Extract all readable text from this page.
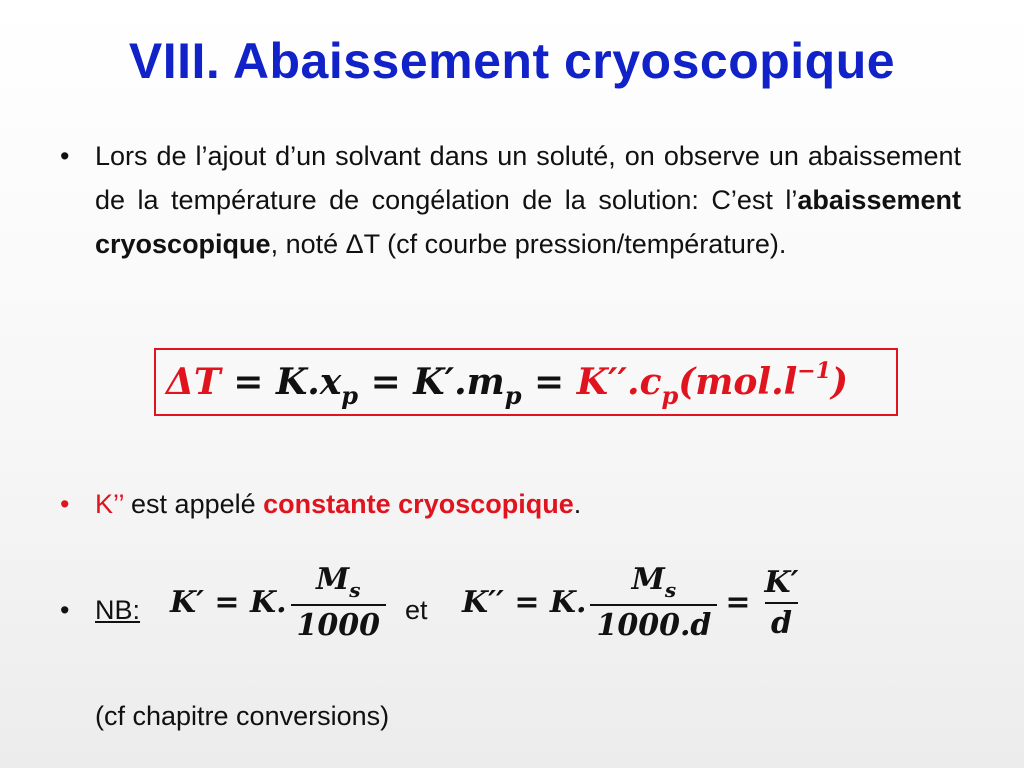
VIII. Abaissement cryoscopique
• Lors de l’ajout d’un solvant dans un soluté, on observe un abaissement de la température de congélation de la solution: C’est l’abaissement cryoscopique, noté ΔT (cf courbe pression/température).
$\Delta T = K.x_p = K'.m_p = K''.c_p(mol.l^{-1})$
• K’’ est appelé constante cryoscopique.
• NB: K′ = K. $\frac{M_s}{1000}$ et K′′ = K. $\frac{M_s}{1000.d} = \frac{K'}{d}$
(cf chapitre conversions)
